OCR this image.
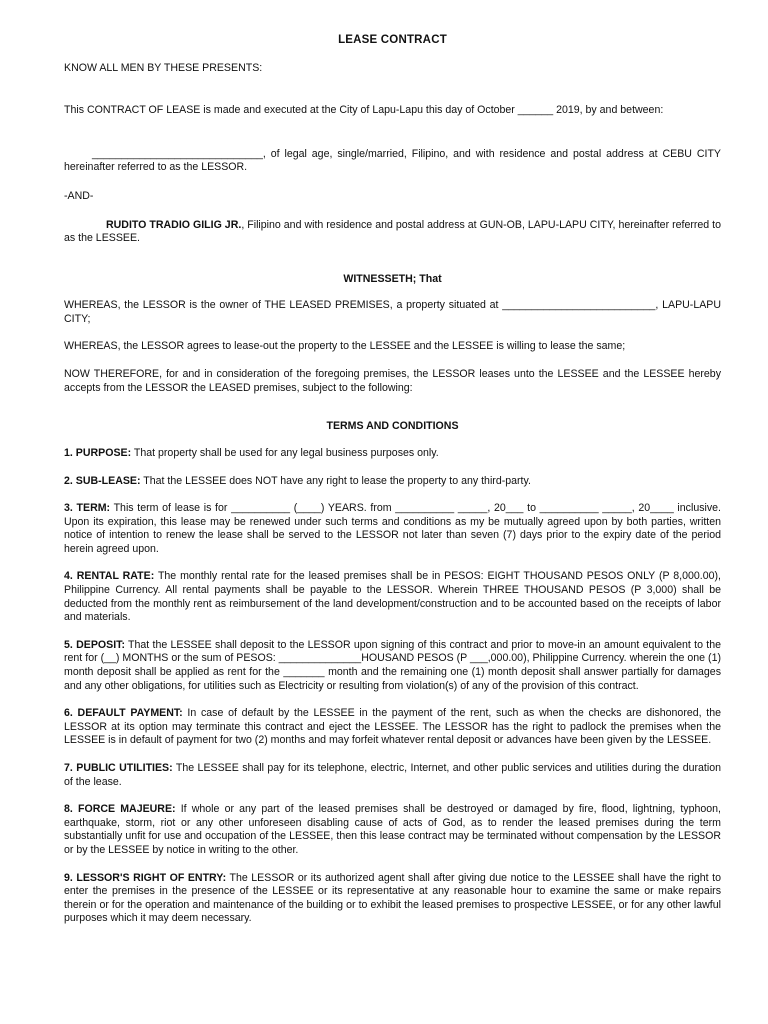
LEASE CONTRACT
KNOW ALL MEN BY THESE PRESENTS:

This CONTRACT OF LEASE is made and executed at the City of Lapu-Lapu this day of October ______ 2019, by and between:

_____________________________, of legal age, single/married, Filipino, and with residence and postal address at CEBU CITY hereinafter referred to as the LESSOR.

-AND-

RUDITO TRADIO GILIG JR., Filipino and with residence and postal address at GUN-OB, LAPU-LAPU CITY, hereinafter referred to as the LESSEE.

WITNESSETH; That

WHEREAS, the LESSOR is the owner of THE LEASED PREMISES, a property situated at __________________________, LAPU-LAPU CITY;

WHEREAS, the LESSOR agrees to lease-out the property to the LESSEE and the LESSEE is willing to lease the same;

NOW THEREFORE, for and in consideration of the foregoing premises, the LESSOR leases unto the LESSEE and the LESSEE hereby accepts from the LESSOR the LEASED premises, subject to the following:

TERMS AND CONDITIONS

1. PURPOSE: That property shall be used for any legal business purposes only.

2. SUB-LEASE: That the LESSEE does NOT have any right to lease the property to any third-party.

3. TERM: This term of lease is for __________ (____) YEARS. from __________ _____, 20___ to __________ _____, 20____ inclusive. Upon its expiration, this lease may be renewed under such terms and conditions as my be mutually agreed upon by both parties, written notice of intention to renew the lease shall be served to the LESSOR not later than seven (7) days prior to the expiry date of the period herein agreed upon.

4. RENTAL RATE: The monthly rental rate for the leased premises shall be in PESOS: EIGHT THOUSAND PESOS ONLY (P 8,000.00), Philippine Currency. All rental payments shall be payable to the LESSOR. Wherein THREE THOUSAND PESOS (P 3,000) shall be deducted from the monthly rent as reimbursement of the land development/construction and to be accounted based on the receipts of labor and materials.

5. DEPOSIT: That the LESSEE shall deposit to the LESSOR upon signing of this contract and prior to move-in an amount equivalent to the rent for (__) MONTHS or the sum of PESOS: ______________HOUSAND PESOS (P ___,000.00), Philippine Currency. wherein the one (1) month deposit shall be applied as rent for the _______ month and the remaining one (1) month deposit shall answer partially for damages and any other obligations, for utilities such as Electricity or resulting from violation(s) of any of the provision of this contract.

6. DEFAULT PAYMENT: In case of default by the LESSEE in the payment of the rent, such as when the checks are dishonored, the LESSOR at its option may terminate this contract and eject the LESSEE. The LESSOR has the right to padlock the premises when the LESSEE is in default of payment for two (2) months and may forfeit whatever rental deposit or advances have been given by the LESSEE.

7. PUBLIC UTILITIES: The LESSEE shall pay for its telephone, electric, Internet, and other public services and utilities during the duration of the lease.

8. FORCE MAJEURE: If whole or any part of the leased premises shall be destroyed or damaged by fire, flood, lightning, typhoon, earthquake, storm, riot or any other unforeseen disabling cause of acts of God, as to render the leased premises during the term substantially unfit for use and occupation of the LESSEE, then this lease contract may be terminated without compensation by the LESSOR or by the LESSEE by notice in writing to the other.

9. LESSOR'S RIGHT OF ENTRY: The LESSOR or its authorized agent shall after giving due notice to the LESSEE shall have the right to enter the premises in the presence of the LESSEE or its representative at any reasonable hour to examine the same or make repairs therein or for the operation and maintenance of the building or to exhibit the leased premises to prospective LESSEE, or for any other lawful purposes which it may deem necessary.
